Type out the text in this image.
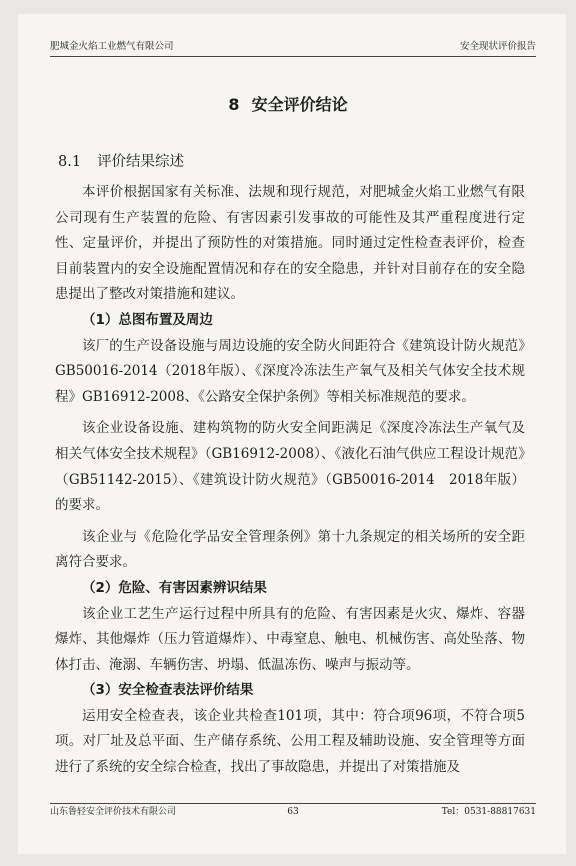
肥城金火焰工业燃气有限公司	安全现状评价报告
8 安全评价结论
8.1 评价结果综述

本评价根据国家有关标准、法规和现行规范，对肥城金火焰工业燃气有限公司现有生产装置的危险、有害因素引发事故的可能性及其严重程度进行定性、定量评价，并提出了预防性的对策措施。同时通过定性检查表评价，检查目前装置内的安全设施配置情况和存在的安全隐患，并针对目前存在的安全隐患提出了整改对策措施和建议。

（1）总图布置及周边

该厂的生产设备设施与周边设施的安全防火间距符合《建筑设计防火规范》GB50016-2014（2018年版）、《深度冷冻法生产氧气及相关气体安全技术规程》GB16912-2008、《公路安全保护条例》等相关标准规范的要求。

该企业设备设施、建构筑物的防火安全间距满足《深度冷冻法生产氧气及相关气体安全技术规程》（GB16912-2008）、《液化石油气供应工程设计规范》（GB51142-2015）、《建筑设计防火规范》（GB50016-2014　2018年版）的要求。

该企业与《危险化学品安全管理条例》第十九条规定的相关场所的安全距离符合要求。

（2）危险、有害因素辨识结果

该企业工艺生产运行过程中所具有的危险、有害因素是火灾、爆炸、容器爆炸、其他爆炸（压力管道爆炸）、中毒窒息、触电、机械伤害、高处坠落、物体打击、淹溺、车辆伤害、坍塌、低温冻伤、噪声与振动等。

（3）安全检查表法评价结果

运用安全检查表，该企业共检查101项，其中：符合项96项，不符合项5项。对厂址及总平面、生产储存系统、公用工程及辅助设施、安全管理等方面进行了系统的安全综合检查，找出了事故隐患，并提出了对策措施及

山东鲁轻安全评价技术有限公司	63	Tel：0531-88817631
